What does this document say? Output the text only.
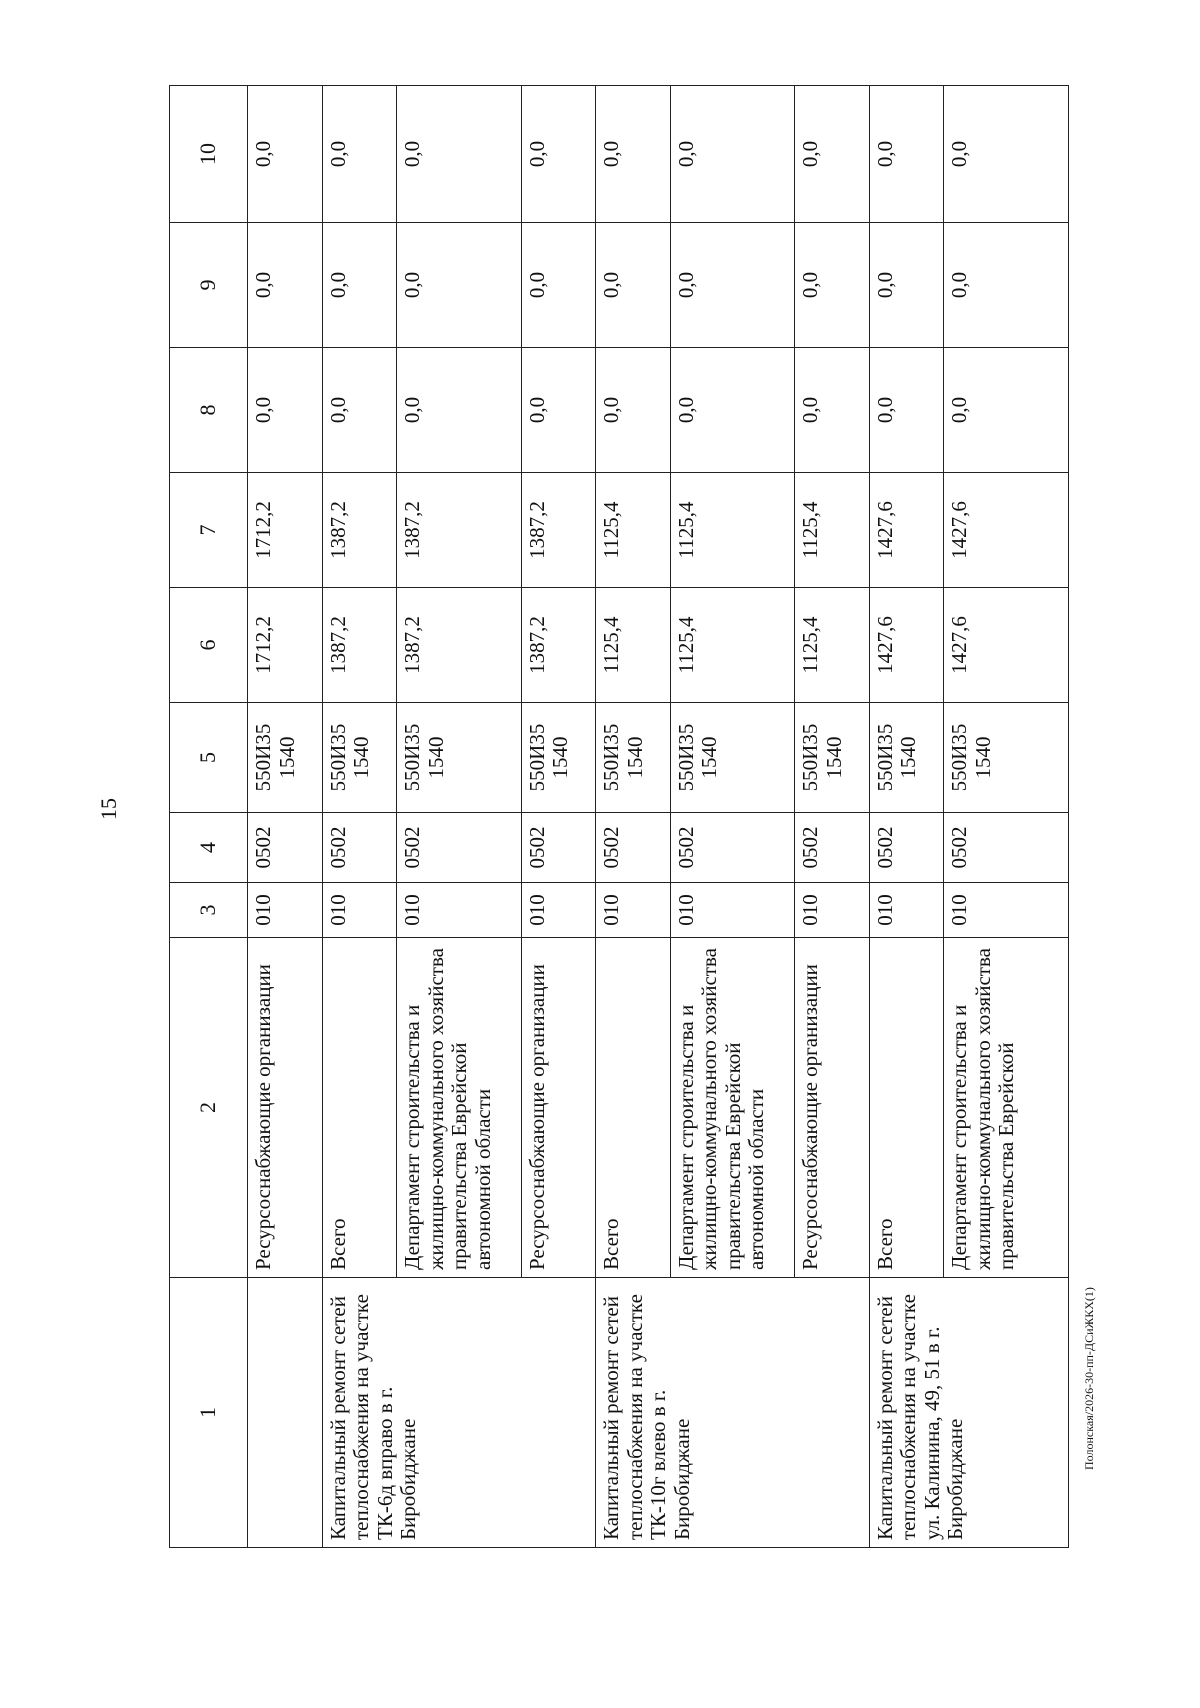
15
1	2	3	4	5	6	7	8	9	10
	Ресурсоснабжающие организации	010	0502	550И35 1540	1712,2	1712,2	0,0	0,0	0,0
Капитальный ремонт сетей теплоснабжения на участке ТК-6д вправо в г. Биробиджане	Всего	010	0502	550И35 1540	1387,2	1387,2	0,0	0,0	0,0
	Департамент строительства и жилищно-коммунального хозяйства правительства Еврейской автономной области	010	0502	550И35 1540	1387,2	1387,2	0,0	0,0	0,0
	Ресурсоснабжающие организации	010	0502	550И35 1540	1387,2	1387,2	0,0	0,0	0,0
Капитальный ремонт сетей теплоснабжения на участке ТК-10г влево в г. Биробиджане	Всего	010	0502	550И35 1540	1125,4	1125,4	0,0	0,0	0,0
	Департамент строительства и жилищно-коммунального хозяйства правительства Еврейской автономной области	010	0502	550И35 1540	1125,4	1125,4	0,0	0,0	0,0
	Ресурсоснабжающие организации	010	0502	550И35 1540	1125,4	1125,4	0,0	0,0	0,0
Капитальный ремонт сетей теплоснабжения на участке ул. Калинина, 49, 51 в г. Биробиджане	Всего	010	0502	550И35 1540	1427,6	1427,6	0,0	0,0	0,0
	Департамент строительства и жилищно-коммунального хозяйства правительства Еврейской	010	0502	550И35 1540	1427,6	1427,6	0,0	0,0	0,0
Полонская/2026-30-пп-ДСиЖКХ(1)
